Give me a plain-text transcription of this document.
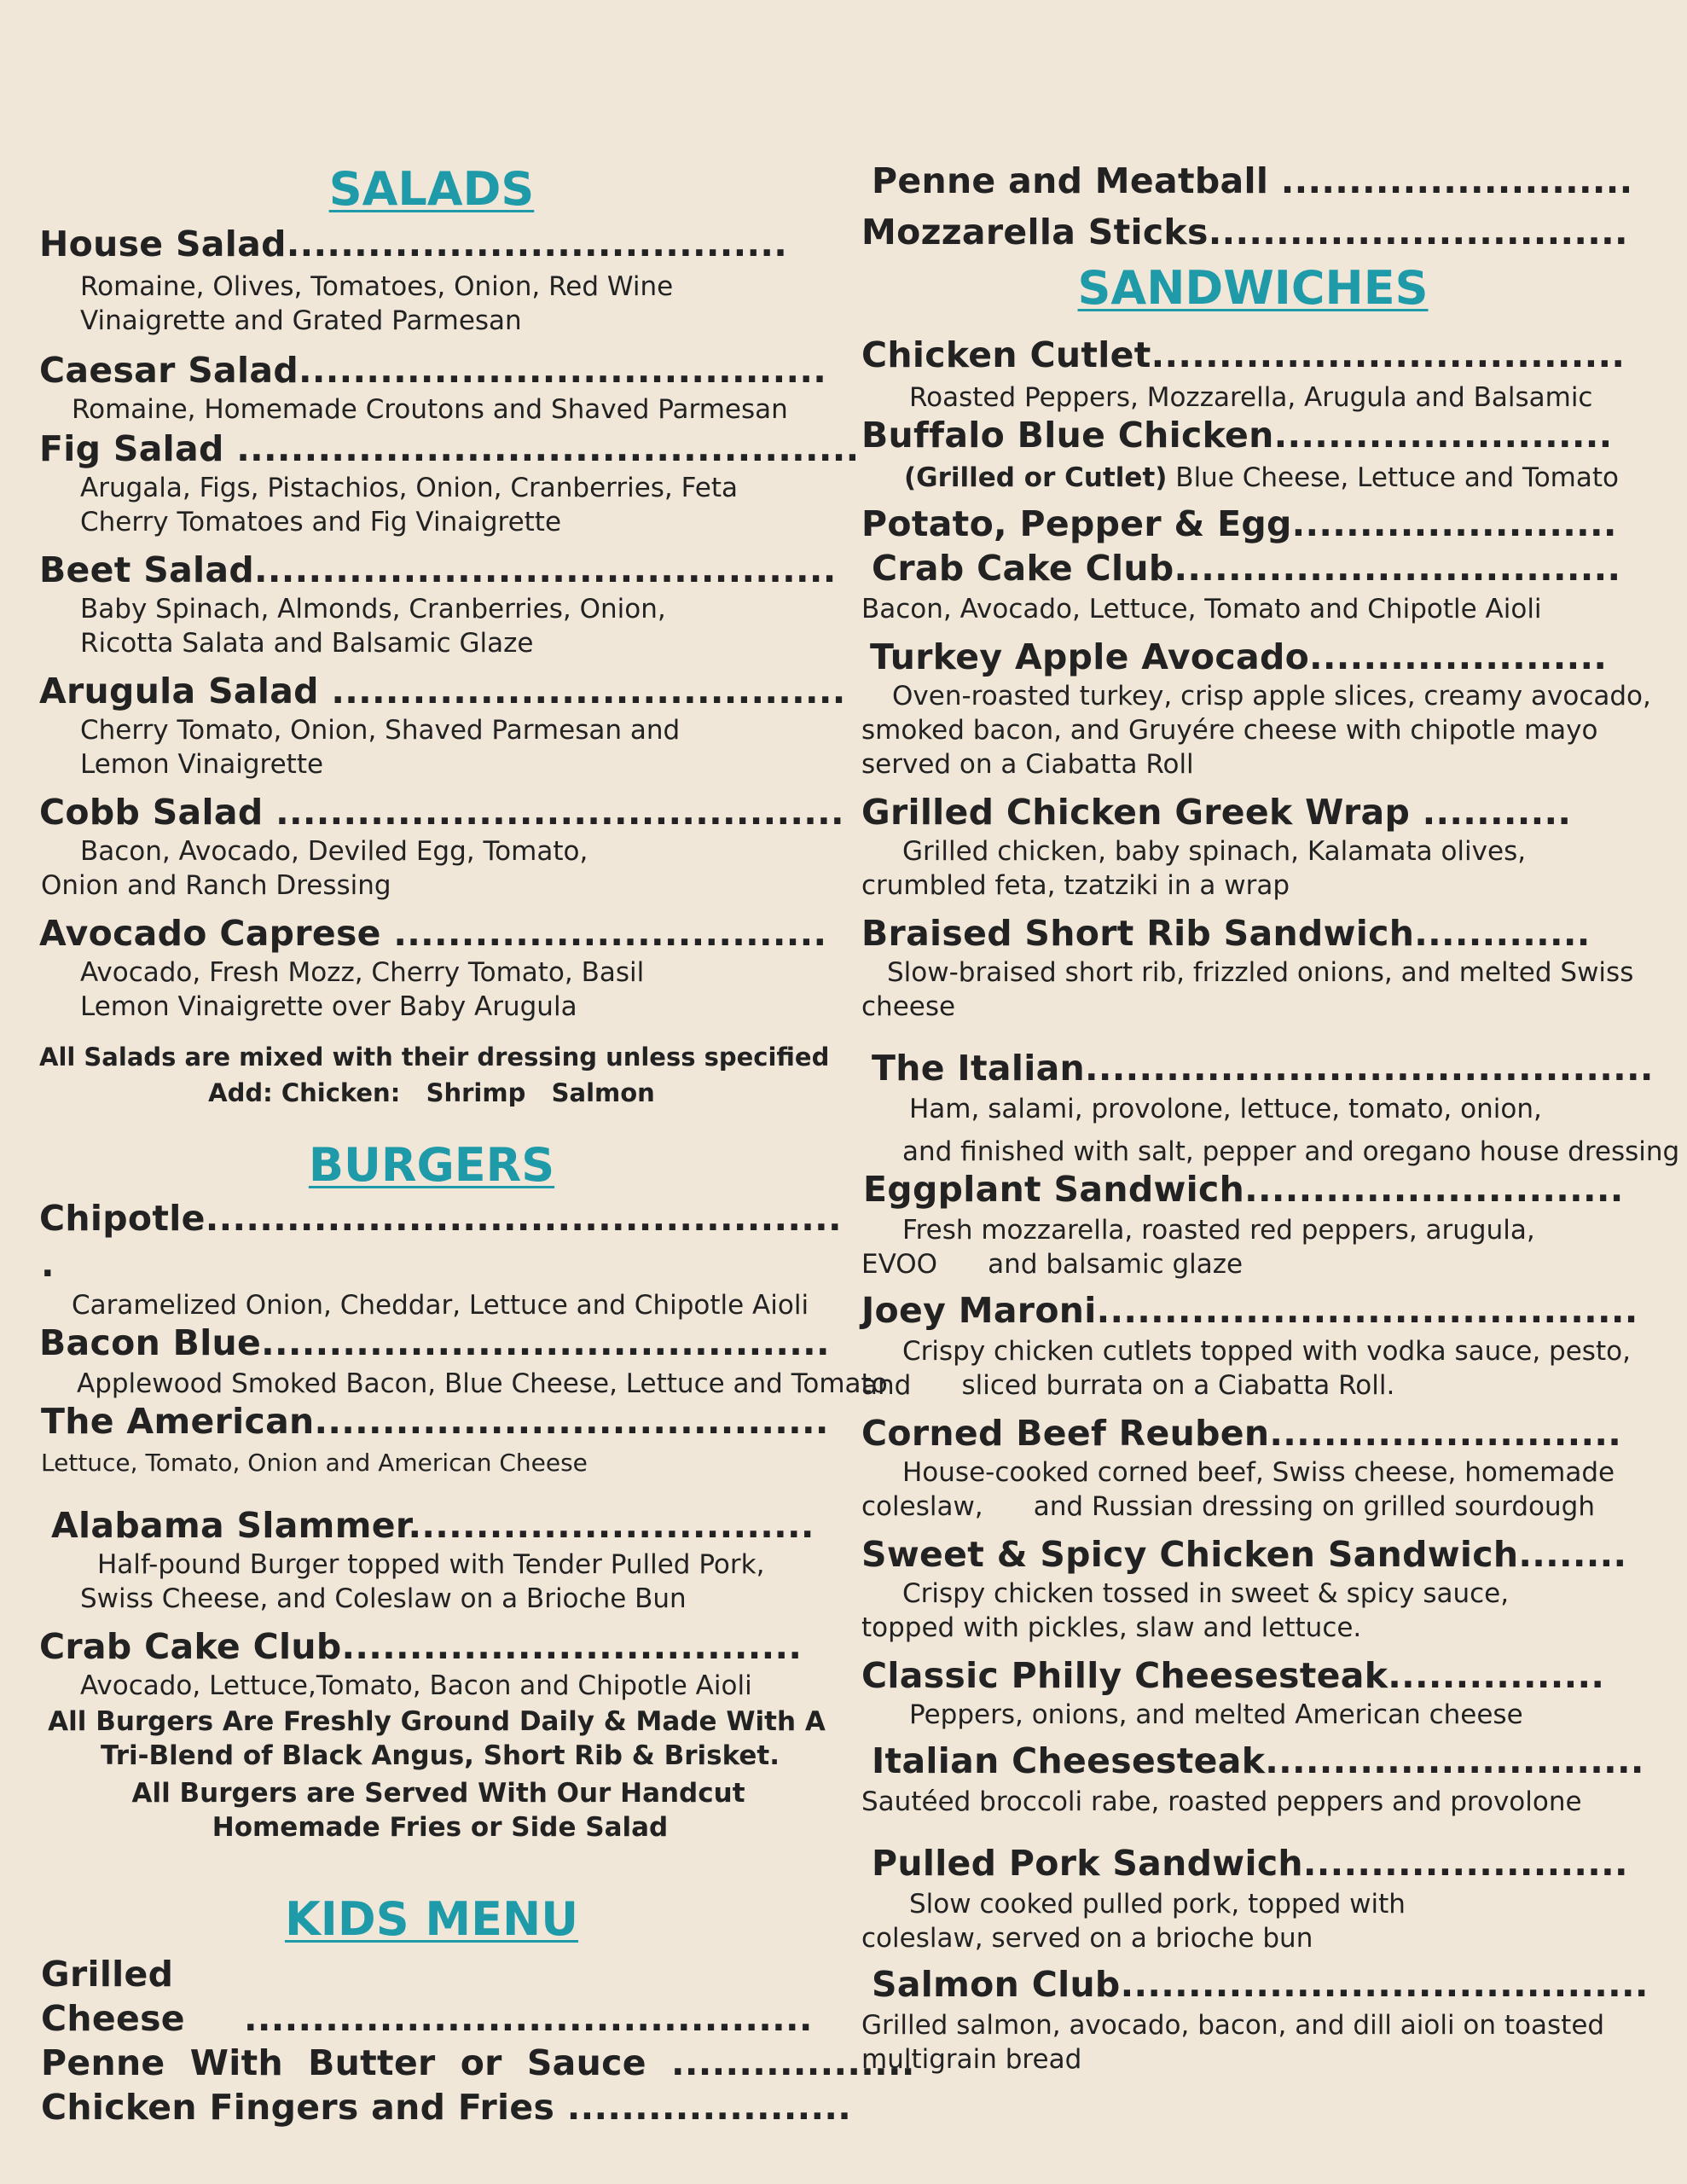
SALADS
House Salad.....................................
Romaine, Olives, Tomatoes, Onion, Red Wine
Vinaigrette and Grated Parmesan
Caesar Salad.......................................
Romaine, Homemade Croutons and Shaved Parmesan
Fig Salad ..............................................
Arugala, Figs, Pistachios, Onion, Cranberries, Feta
Cherry Tomatoes and Fig Vinaigrette
Beet Salad...........................................
Baby Spinach, Almonds, Cranberries, Onion,
Ricotta Salata and Balsamic Glaze
Arugula Salad ......................................
Cherry Tomato, Onion, Shaved Parmesan and
Lemon Vinaigrette
Cobb Salad ..........................................
Bacon, Avocado, Deviled Egg, Tomato,
Onion and Ranch Dressing
Avocado Caprese ................................
Avocado, Fresh Mozz, Cherry Tomato, Basil
Lemon Vinaigrette over Baby Arugula
All Salads are mixed with their dressing unless specified
Add: Chicken:   Shrimp   Salmon
BURGERS
Chipotle...............................................
.
Caramelized Onion, Cheddar, Lettuce and Chipotle Aioli
Bacon Blue..........................................
Applewood Smoked Bacon, Blue Cheese, Lettuce and Tomato
The American......................................
Lettuce, Tomato, Onion and American Cheese
Alabama Slammer..............................
Half-pound Burger topped with Tender Pulled Pork,
Swiss Cheese, and Coleslaw on a Brioche Bun
Crab Cake Club..................................
Avocado, Lettuce,Tomato, Bacon and Chipotle Aioli
All Burgers Are Freshly Ground Daily & Made With A
Tri-Blend of Black Angus, Short Rib & Brisket.
All Burgers are Served With Our Handcut
Homemade Fries or Side Salad
KIDS MENU
Grilled
Cheese ..........................................
Penne  With  Butter  or  Sauce  ..................
Chicken Fingers and Fries .....................
Penne and Meatball ..........................
Mozzarella Sticks...............................
SANDWICHES
Chicken Cutlet...................................
Roasted Peppers, Mozzarella, Arugula and Balsamic
Buffalo Blue Chicken.........................
(Grilled or Cutlet) Blue Cheese, Lettuce and Tomato
Potato, Pepper & Egg........................
Crab Cake Club.................................
Bacon, Avocado, Lettuce, Tomato and Chipotle Aioli
Turkey Apple Avocado......................
Oven-roasted turkey, crisp apple slices, creamy avocado,
smoked bacon, and Gruyére cheese with chipotle mayo
served on a Ciabatta Roll
Grilled Chicken Greek Wrap ...........
Grilled chicken, baby spinach, Kalamata olives,
crumbled feta, tzatziki in a wrap
Braised Short Rib Sandwich.............
Slow-braised short rib, frizzled onions, and melted Swiss
cheese
The Italian..........................................
Ham, salami, provolone, lettuce, tomato, onion,
and finished with salt, pepper and oregano house dressing
Eggplant Sandwich............................
Fresh mozzarella, roasted red peppers, arugula,
EVOO      and balsamic glaze
Joey Maroni........................................
Crispy chicken cutlets topped with vodka sauce, pesto,
and      sliced burrata on a Ciabatta Roll.
Corned Beef Reuben..........................
House-cooked corned beef, Swiss cheese, homemade
coleslaw,      and Russian dressing on grilled sourdough
Sweet & Spicy Chicken Sandwich........
Crispy chicken tossed in sweet & spicy sauce,
topped with pickles, slaw and lettuce.
Classic Philly Cheesesteak................
Peppers, onions, and melted American cheese
Italian Cheesesteak............................
Sautéed broccoli rabe, roasted peppers and provolone
Pulled Pork Sandwich........................
Slow cooked pulled pork, topped with
coleslaw, served on a brioche bun
Salmon Club.......................................
Grilled salmon, avocado, bacon, and dill aioli on toasted
multigrain bread
